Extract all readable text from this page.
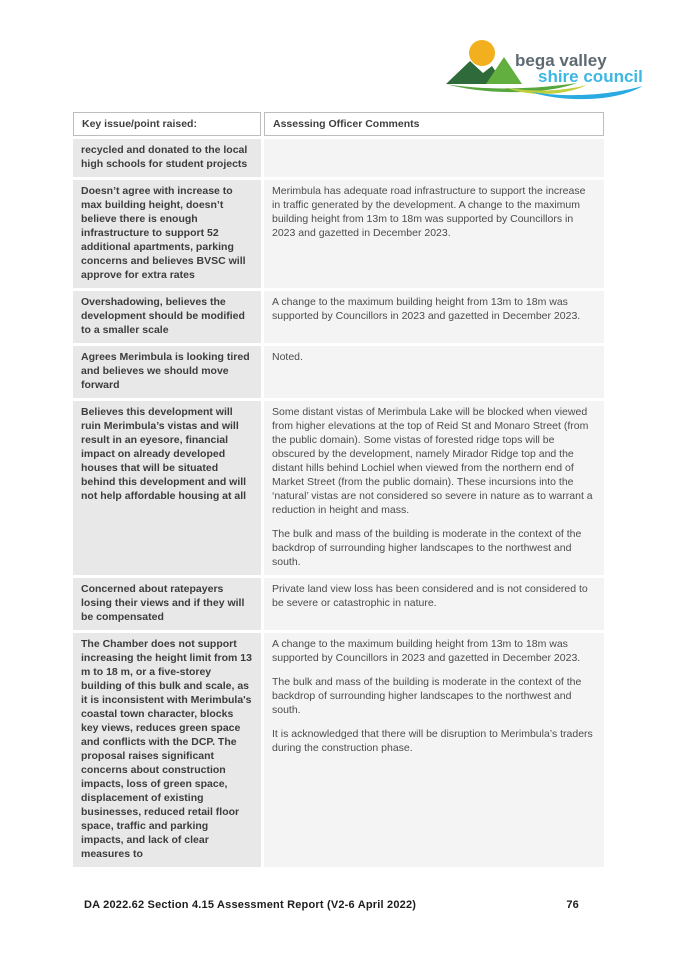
bega valley
shire council
Key issue/point raised:	Assessing Officer Comments
recycled and donated to the local high schools for student projects
Doesn’t agree with increase to max building height, doesn’t believe there is enough infrastructure to support 52 additional apartments, parking concerns and believes BVSC will approve for extra rates

Merimbula has adequate road infrastructure to support the increase in traffic generated by the development. A change to the maximum building height from 13m to 18m was supported by Councillors in 2023 and gazetted in December 2023.

Overshadowing, believes the development should be modified to a smaller scale

A change to the maximum building height from 13m to 18m was supported by Councillors in 2023 and gazetted in December 2023.

Agrees Merimbula is looking tired and believes we should move forward

Noted.

Believes this development will ruin Merimbula’s vistas and will result in an eyesore, financial impact on already developed houses that will be situated behind this development and will not help affordable housing at all

Some distant vistas of Merimbula Lake will be blocked when viewed from higher elevations at the top of Reid St and Monaro Street (from the public domain). Some vistas of forested ridge tops will be obscured by the development, namely Mirador Ridge top and the distant hills behind Lochiel when viewed from the northern end of Market Street (from the public domain). These incursions into the ‘natural’ vistas are not considered so severe in nature as to warrant a reduction in height and mass.

The bulk and mass of the building is moderate in the context of the backdrop of surrounding higher landscapes to the northwest and south.

Concerned about ratepayers losing their views and if they will be compensated

Private land view loss has been considered and is not considered to be severe or catastrophic in nature.

The Chamber does not support increasing the height limit from 13 m to 18 m, or a five-storey building of this bulk and scale, as it is inconsistent with Merimbula's coastal town character, blocks key views, reduces green space and conflicts with the DCP. The proposal raises significant concerns about construction impacts, loss of green space, displacement of existing businesses, reduced retail floor space, traffic and parking impacts, and lack of clear measures to

A change to the maximum building height from 13m to 18m was supported by Councillors in 2023 and gazetted in December 2023.

The bulk and mass of the building is moderate in the context of the backdrop of surrounding higher landscapes to the northwest and south.

It is acknowledged that there will be disruption to Merimbula’s traders during the construction phase.

DA 2022.62 Section 4.15 Assessment Report (V2-6 April 2022)	76
